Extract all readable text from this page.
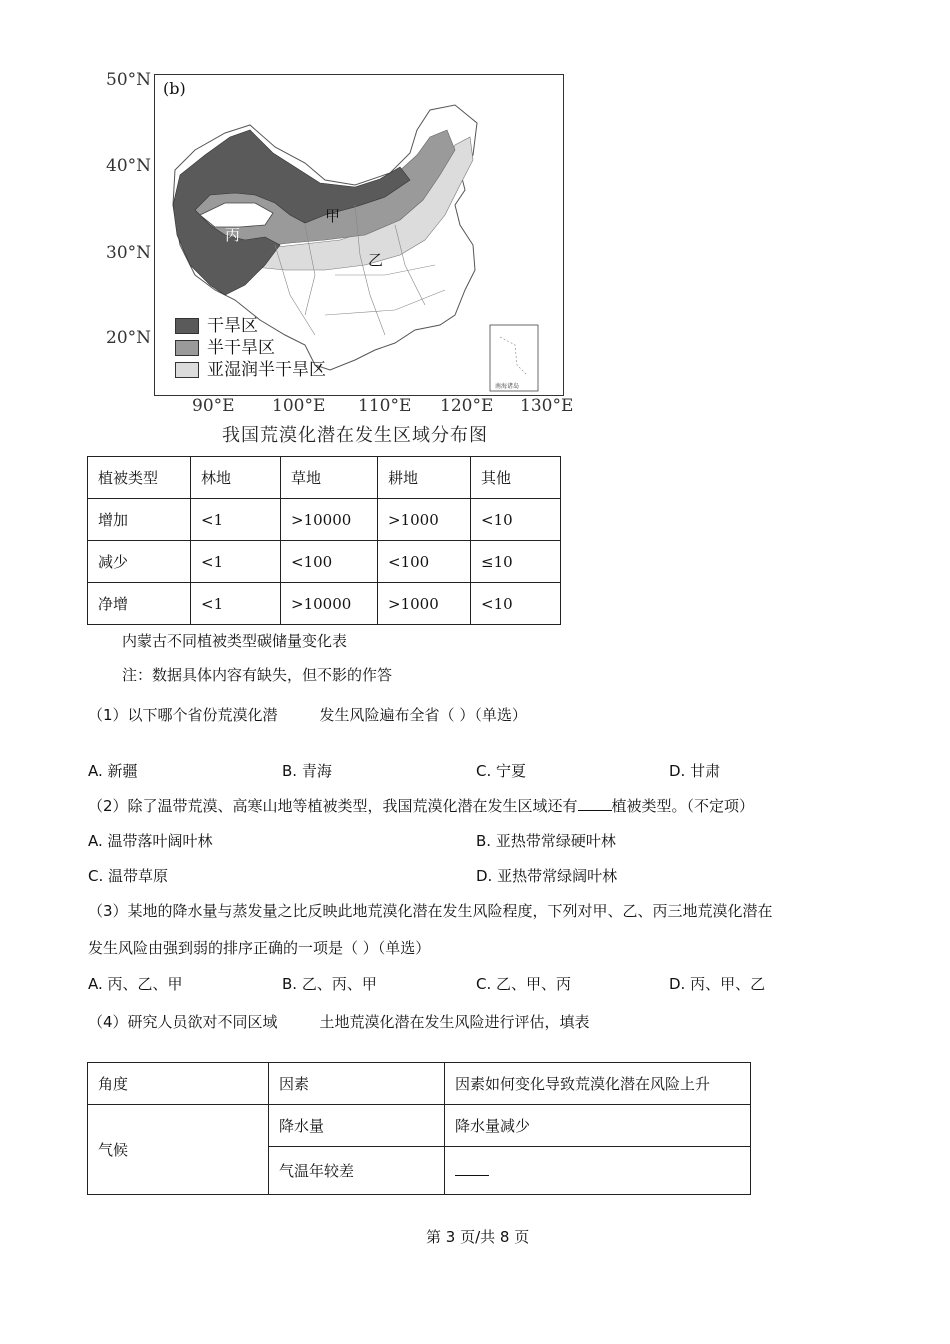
50°N
40°N
30°N
20°N
甲
乙
丙
南海诸岛
(b)
干旱区
半干旱区
亚湿润半干旱区
90°E 100°E 110°E 120°E 130°E
我国荒漠化潜在发生区域分布图
植被类型	林地	草地	耕地	其他
增加	<1	>10000	>1000	<10
减少	<1	<100	<100	≤10
净增	<1	>10000	>1000	<10
内蒙古不同植被类型碳储量变化表
注：数据具体内容有缺失，但不影的作答
（1）以下哪个省份荒漠化潜	发生风险遍布全省（ ）（单选）
A. 新疆	B. 青海	C. 宁夏	D. 甘肃
（2）除了温带荒漠、高寒山地等植被类型，我国荒漠化潜在发生区域还有 植被类型。（不定项）
A. 温带落叶阔叶林	B. 亚热带常绿硬叶林
C. 温带草原	D. 亚热带常绿阔叶林
（3）某地的降水量与蒸发量之比反映此地荒漠化潜在发生风险程度，下列对甲、乙、丙三地荒漠化潜在
发生风险由强到弱的排序正确的一项是（ ）（单选）
A. 丙、乙、甲	B. 乙、丙、甲	C. 乙、甲、丙	D. 丙、甲、乙
（4）研究人员欲对不同区域	土地荒漠化潜在发生风险进行评估，填表
角度	因素	因素如何变化导致荒漠化潜在风险上升
气候	降水量	降水量减少
	气温年较差	
第 3 页/共 8 页
